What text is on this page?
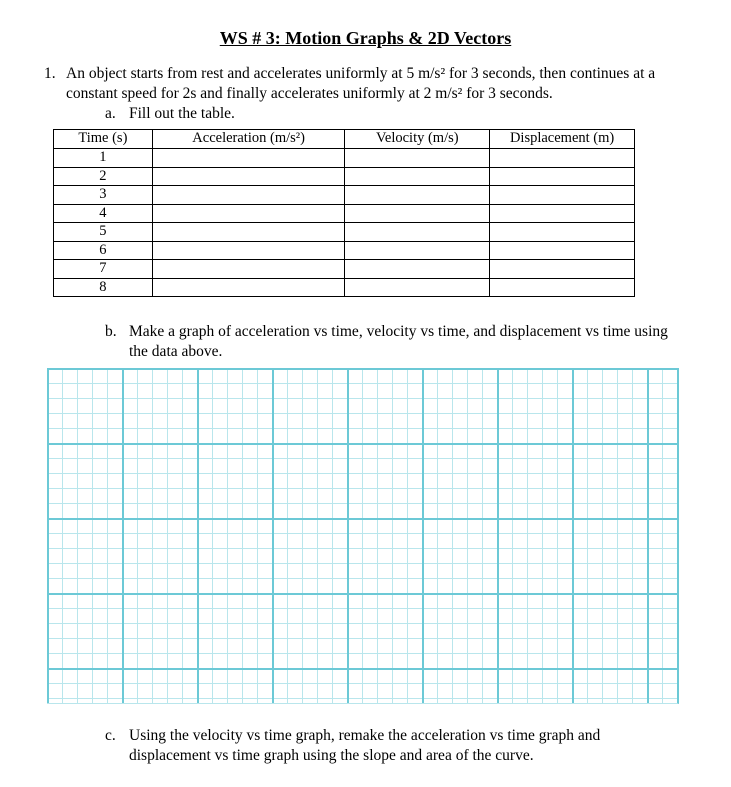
WS # 3: Motion Graphs & 2D Vectors
1. An object starts from rest and accelerates uniformly at 5 m/s² for 3 seconds, then continues at a constant speed for 2s and finally accelerates uniformly at 2 m/s² for 3 seconds.
a. Fill out the table.
Time (s)	Acceleration (m/s²)	Velocity (m/s)	Displacement (m)
1			
2			
3			
4			
5			
6			
7			
8			
b. Make a graph of acceleration vs time, velocity vs time, and displacement vs time using the data above.
c. Using the velocity vs time graph, remake the acceleration vs time graph and displacement vs time graph using the slope and area of the curve.
